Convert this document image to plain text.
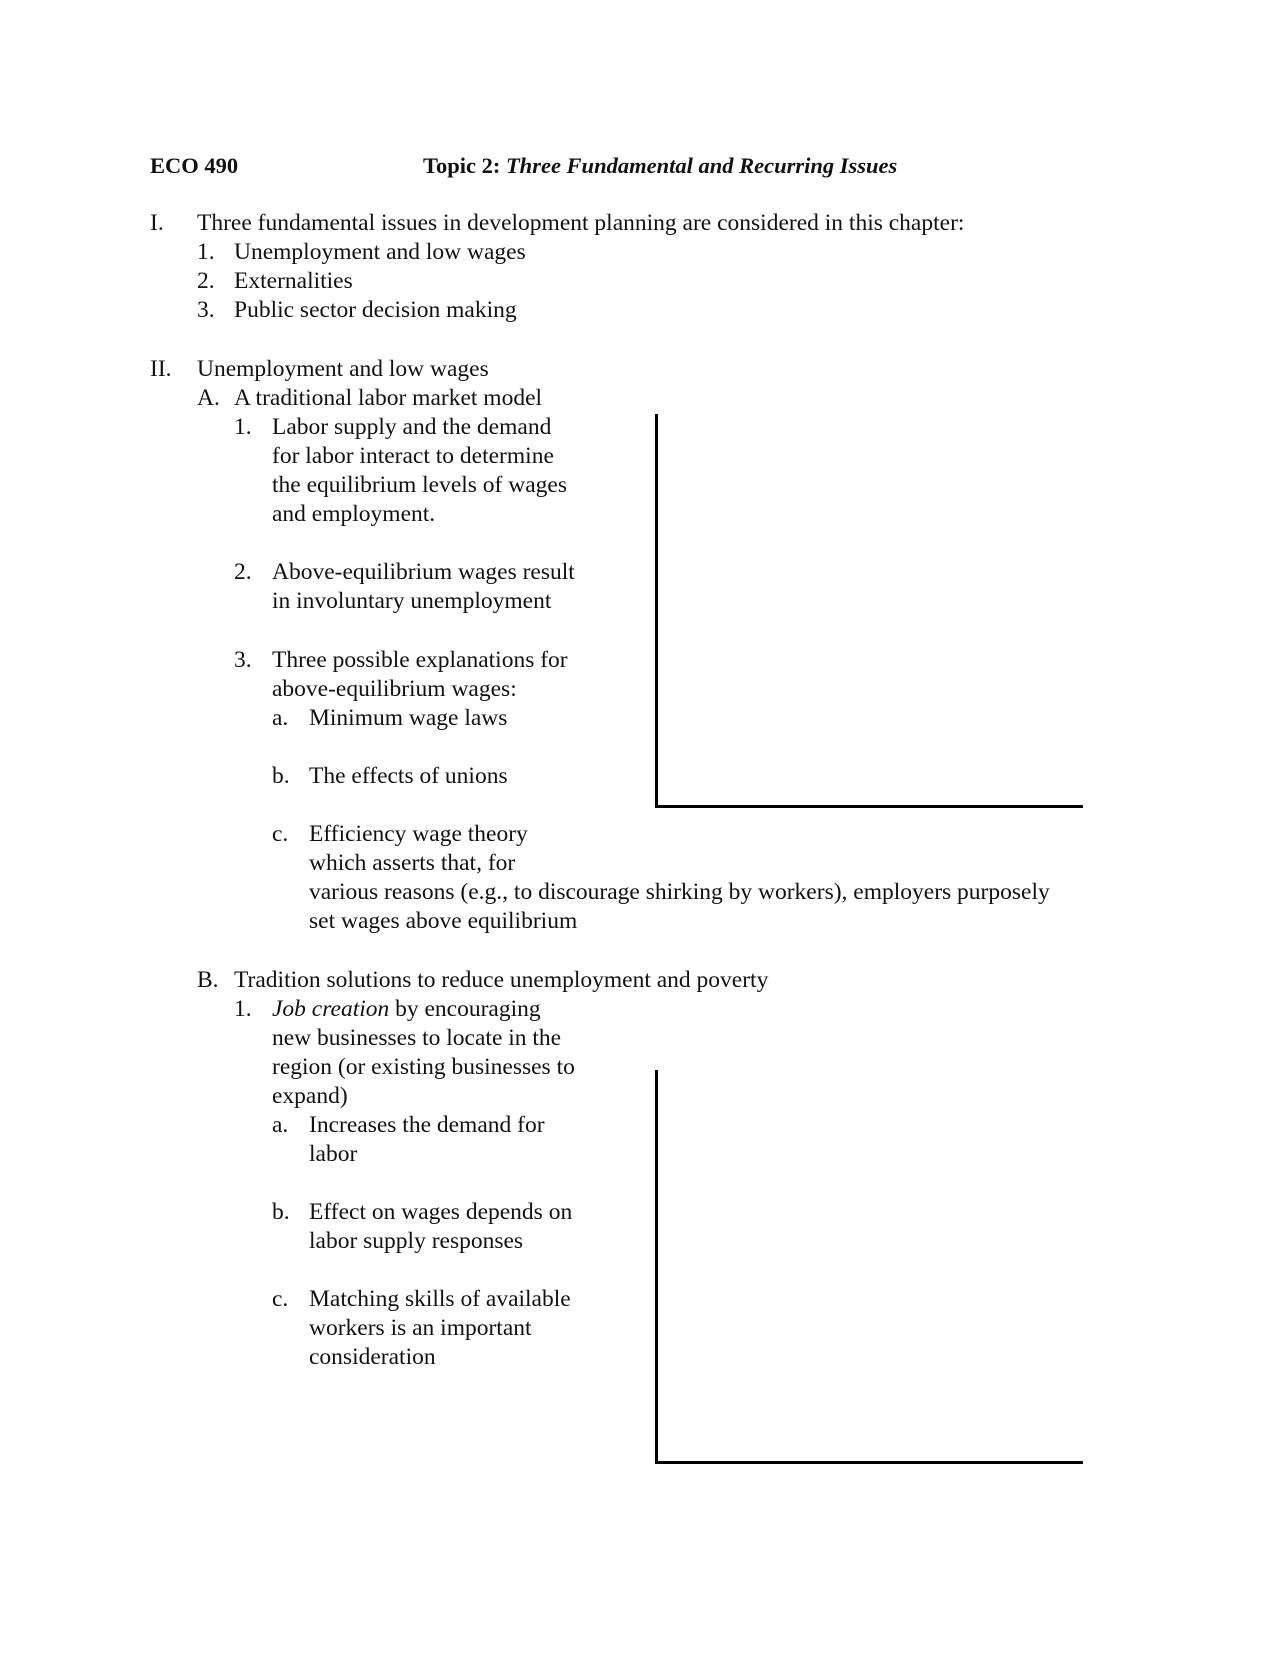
ECO 490	Topic 2: Three Fundamental and Recurring Issues
I. Three fundamental issues in development planning are considered in this chapter:
1. Unemployment and low wages
2. Externalities
3. Public sector decision making
II. Unemployment and low wages
A. A traditional labor market model
1. Labor supply and the demand
for labor interact to determine
the equilibrium levels of wages
and employment.
2. Above-equilibrium wages result
in involuntary unemployment
3. Three possible explanations for
above-equilibrium wages:
a. Minimum wage laws
b. The effects of unions
c. Efficiency wage theory
which asserts that, for
various reasons (e.g., to discourage shirking by workers), employers purposely
set wages above equilibrium
B. Tradition solutions to reduce unemployment and poverty
1. Job creation by encouraging
new businesses to locate in the
region (or existing businesses to
expand)
a. Increases the demand for
labor
b. Effect on wages depends on
labor supply responses
c. Matching skills of available
workers is an important
consideration
